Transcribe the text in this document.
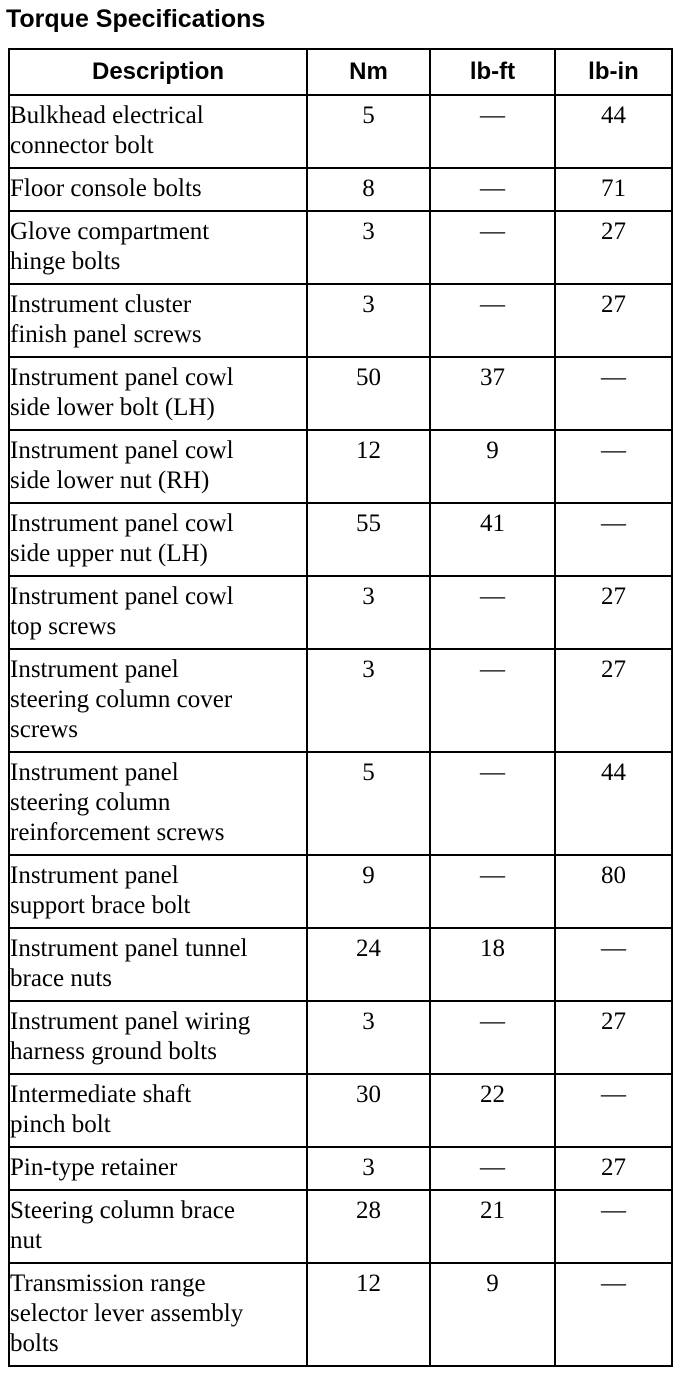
Torque Specifications
Description	Nm	lb-ft	lb-in

Bulkhead electrical
connector bolt	5	—	44

Floor console bolts	8	—	71

Glove compartment
hinge bolts	3	—	27

Instrument cluster
finish panel screws	3	—	27

Instrument panel cowl
side lower bolt (LH)	50	37	—

Instrument panel cowl
side lower nut (RH)	12	9	—

Instrument panel cowl
side upper nut (LH)	55	41	—

Instrument panel cowl
top screws	3	—	27

Instrument panel
steering column cover
screws	3	—	27

Instrument panel
steering column
reinforcement screws	5	—	44

Instrument panel
support brace bolt	9	—	80

Instrument panel tunnel
brace nuts	24	18	—

Instrument panel wiring
harness ground bolts	3	—	27

Intermediate shaft
pinch bolt	30	22	—

Pin-type retainer	3	—	27

Steering column brace
nut	28	21	—

Transmission range
selector lever assembly
bolts	12	9	—
